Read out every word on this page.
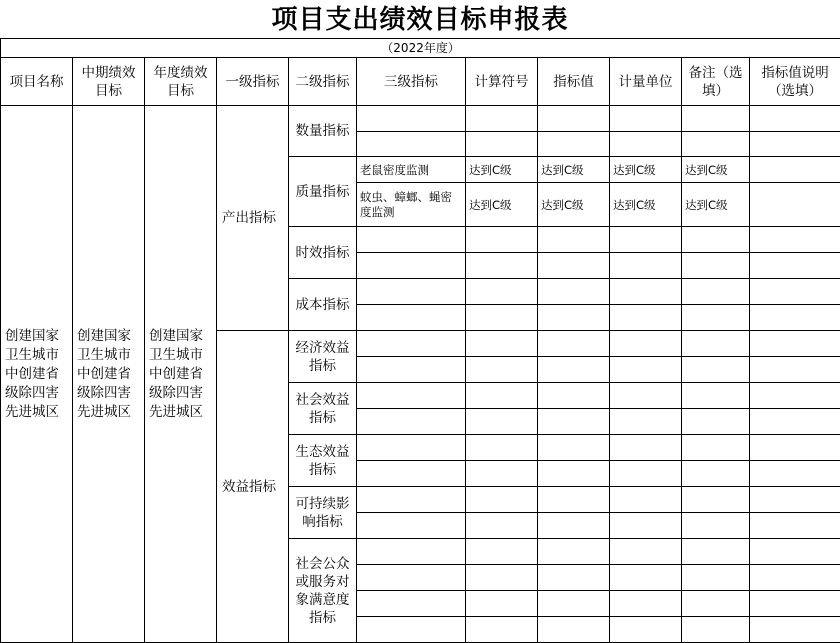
项目支出绩效目标申报表
（2022年度）										
项目名称	中期绩效目标	年度绩效目标	一级指标	二级指标	三级指标	计算符号	指标值	计量单位	备注（选填）	指标值说明（选填）
创建国家卫生城市中创建省级除四害先进城区	创建国家卫生城市中创建省级除四害先进城区	创建国家卫生城市中创建省级除四害先进城区	产出指标	数量指标						

				质量指标	老鼠密度监测	达到C级	达到C级	达到C级	达到C级	
					蚊虫、蟑螂、蝇密度监测	达到C级	达到C级	达到C级	达到C级	
				时效指标						

				成本指标						

			效益指标	经济效益指标						

				社会效益指标						

				生态效益指标						

				可持续影响指标						

				社会公众或服务对象满意度指标						
